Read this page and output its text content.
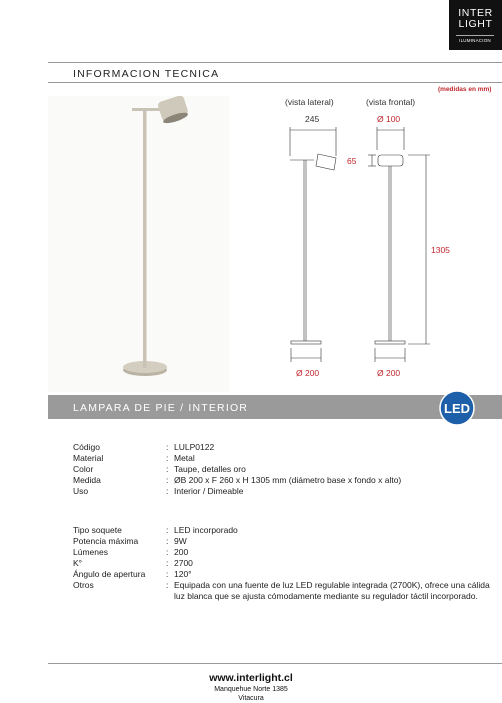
INTER
LIGHT
ILUMINACION
INFORMACION TECNICA
(medidas en mm)
(vista lateral)	(vista frontal)
245	Ø 100
65
1305
Ø 200	Ø 200
LAMPARA DE PIE / INTERIOR	LED
Código	: LULP0122
Material	: Metal
Color	: Taupe, detalles oro
Medida	: ØB 200 x F 260 x H 1305 mm (diámetro base x fondo x alto)
Uso	: Interior / Dimeable
Tipo soquete	: LED incorporado
Potencia máxima	: 9W
Lúmenes	: 200
K°	: 2700
Ángulo de apertura	: 120°
Otros	: Equipada con una fuente de luz LED regulable integrada (2700K), ofrece una cálida luz blanca que se ajusta cómodamente mediante su regulador táctil incorporado.
www.interlight.cl
Manquehue Norte 1385
Vitacura
